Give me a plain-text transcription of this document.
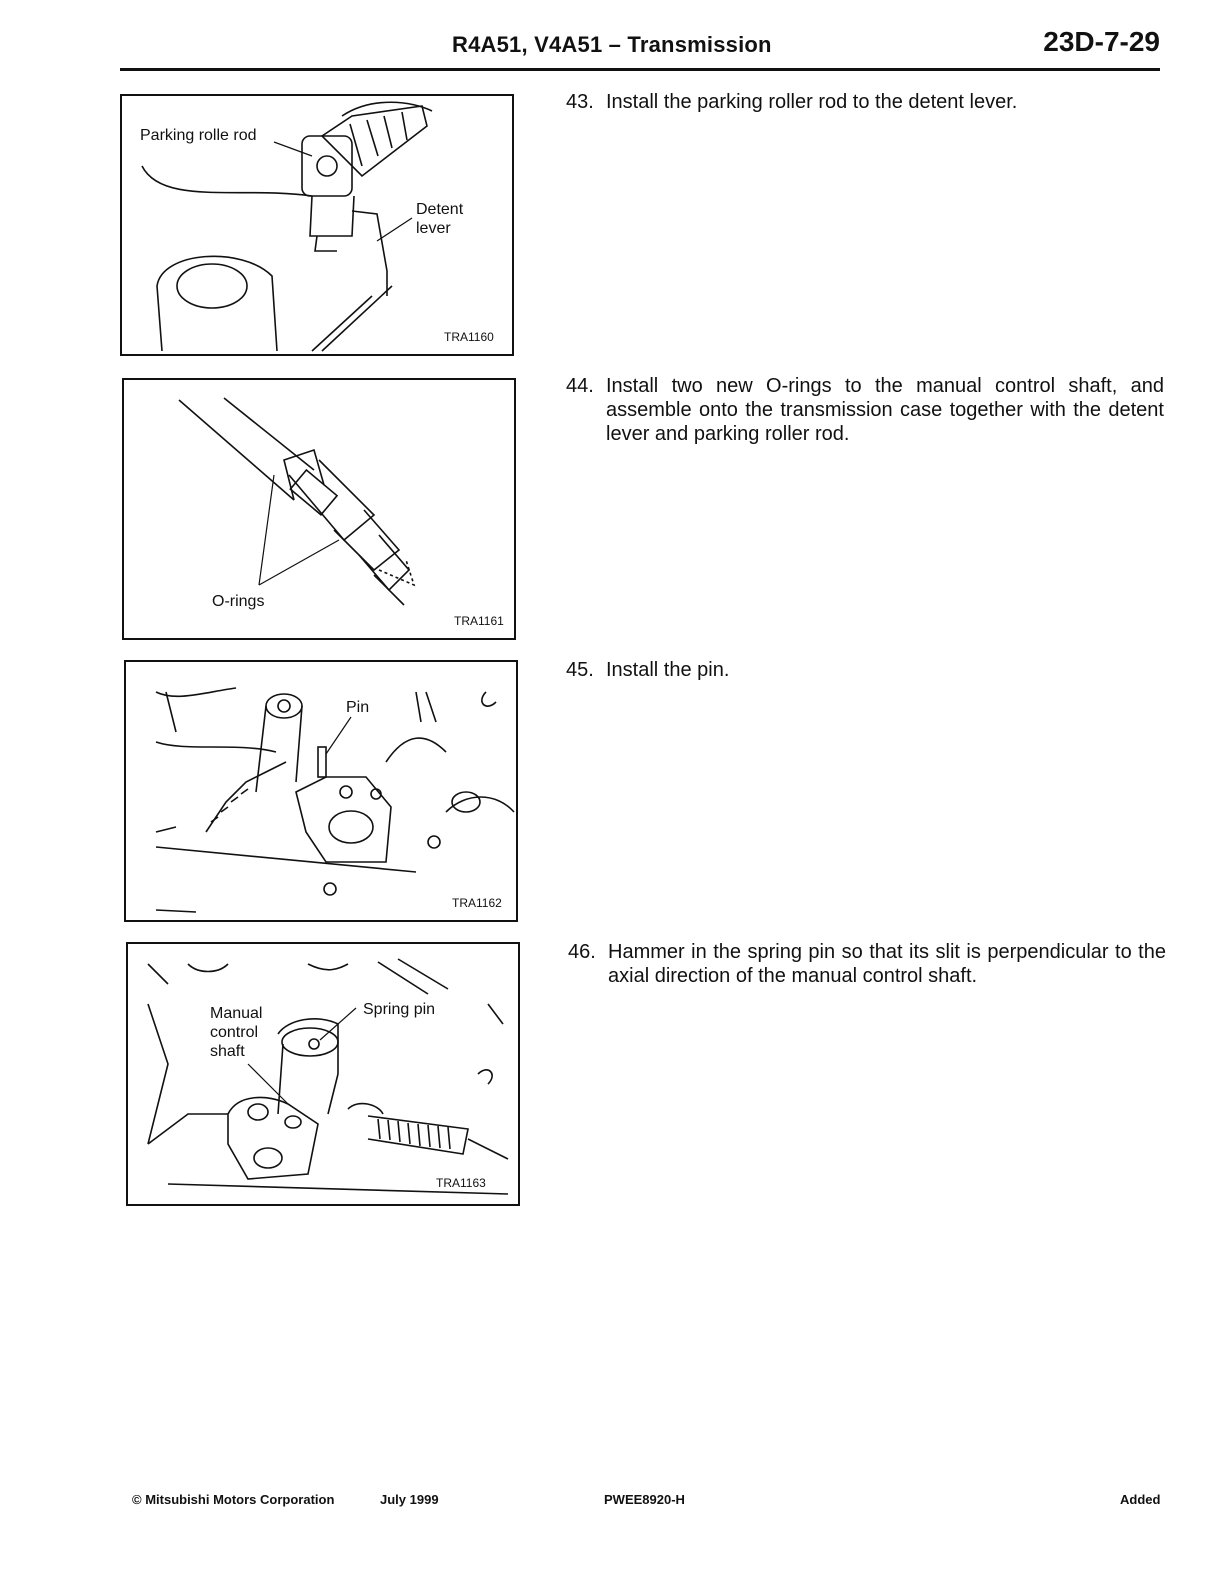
R4A51, V4A51 – Transmission	23D-7-29
Parking rolle rod
Detent
lever
TRA1160
O-rings
TRA1161
Pin
TRA1162
Manual
control
shaft
Spring pin
TRA1163
43. Install the parking roller rod to the detent lever.
44. Install two new O-rings to the manual control shaft, and assemble onto the transmission case together with the detent lever and parking roller rod.
45. Install the pin.
46. Hammer in the spring pin so that its slit is perpendicular to the axial direction of the manual control shaft.
© Mitsubishi Motors Corporation	July 1999	PWEE8920-H	Added
